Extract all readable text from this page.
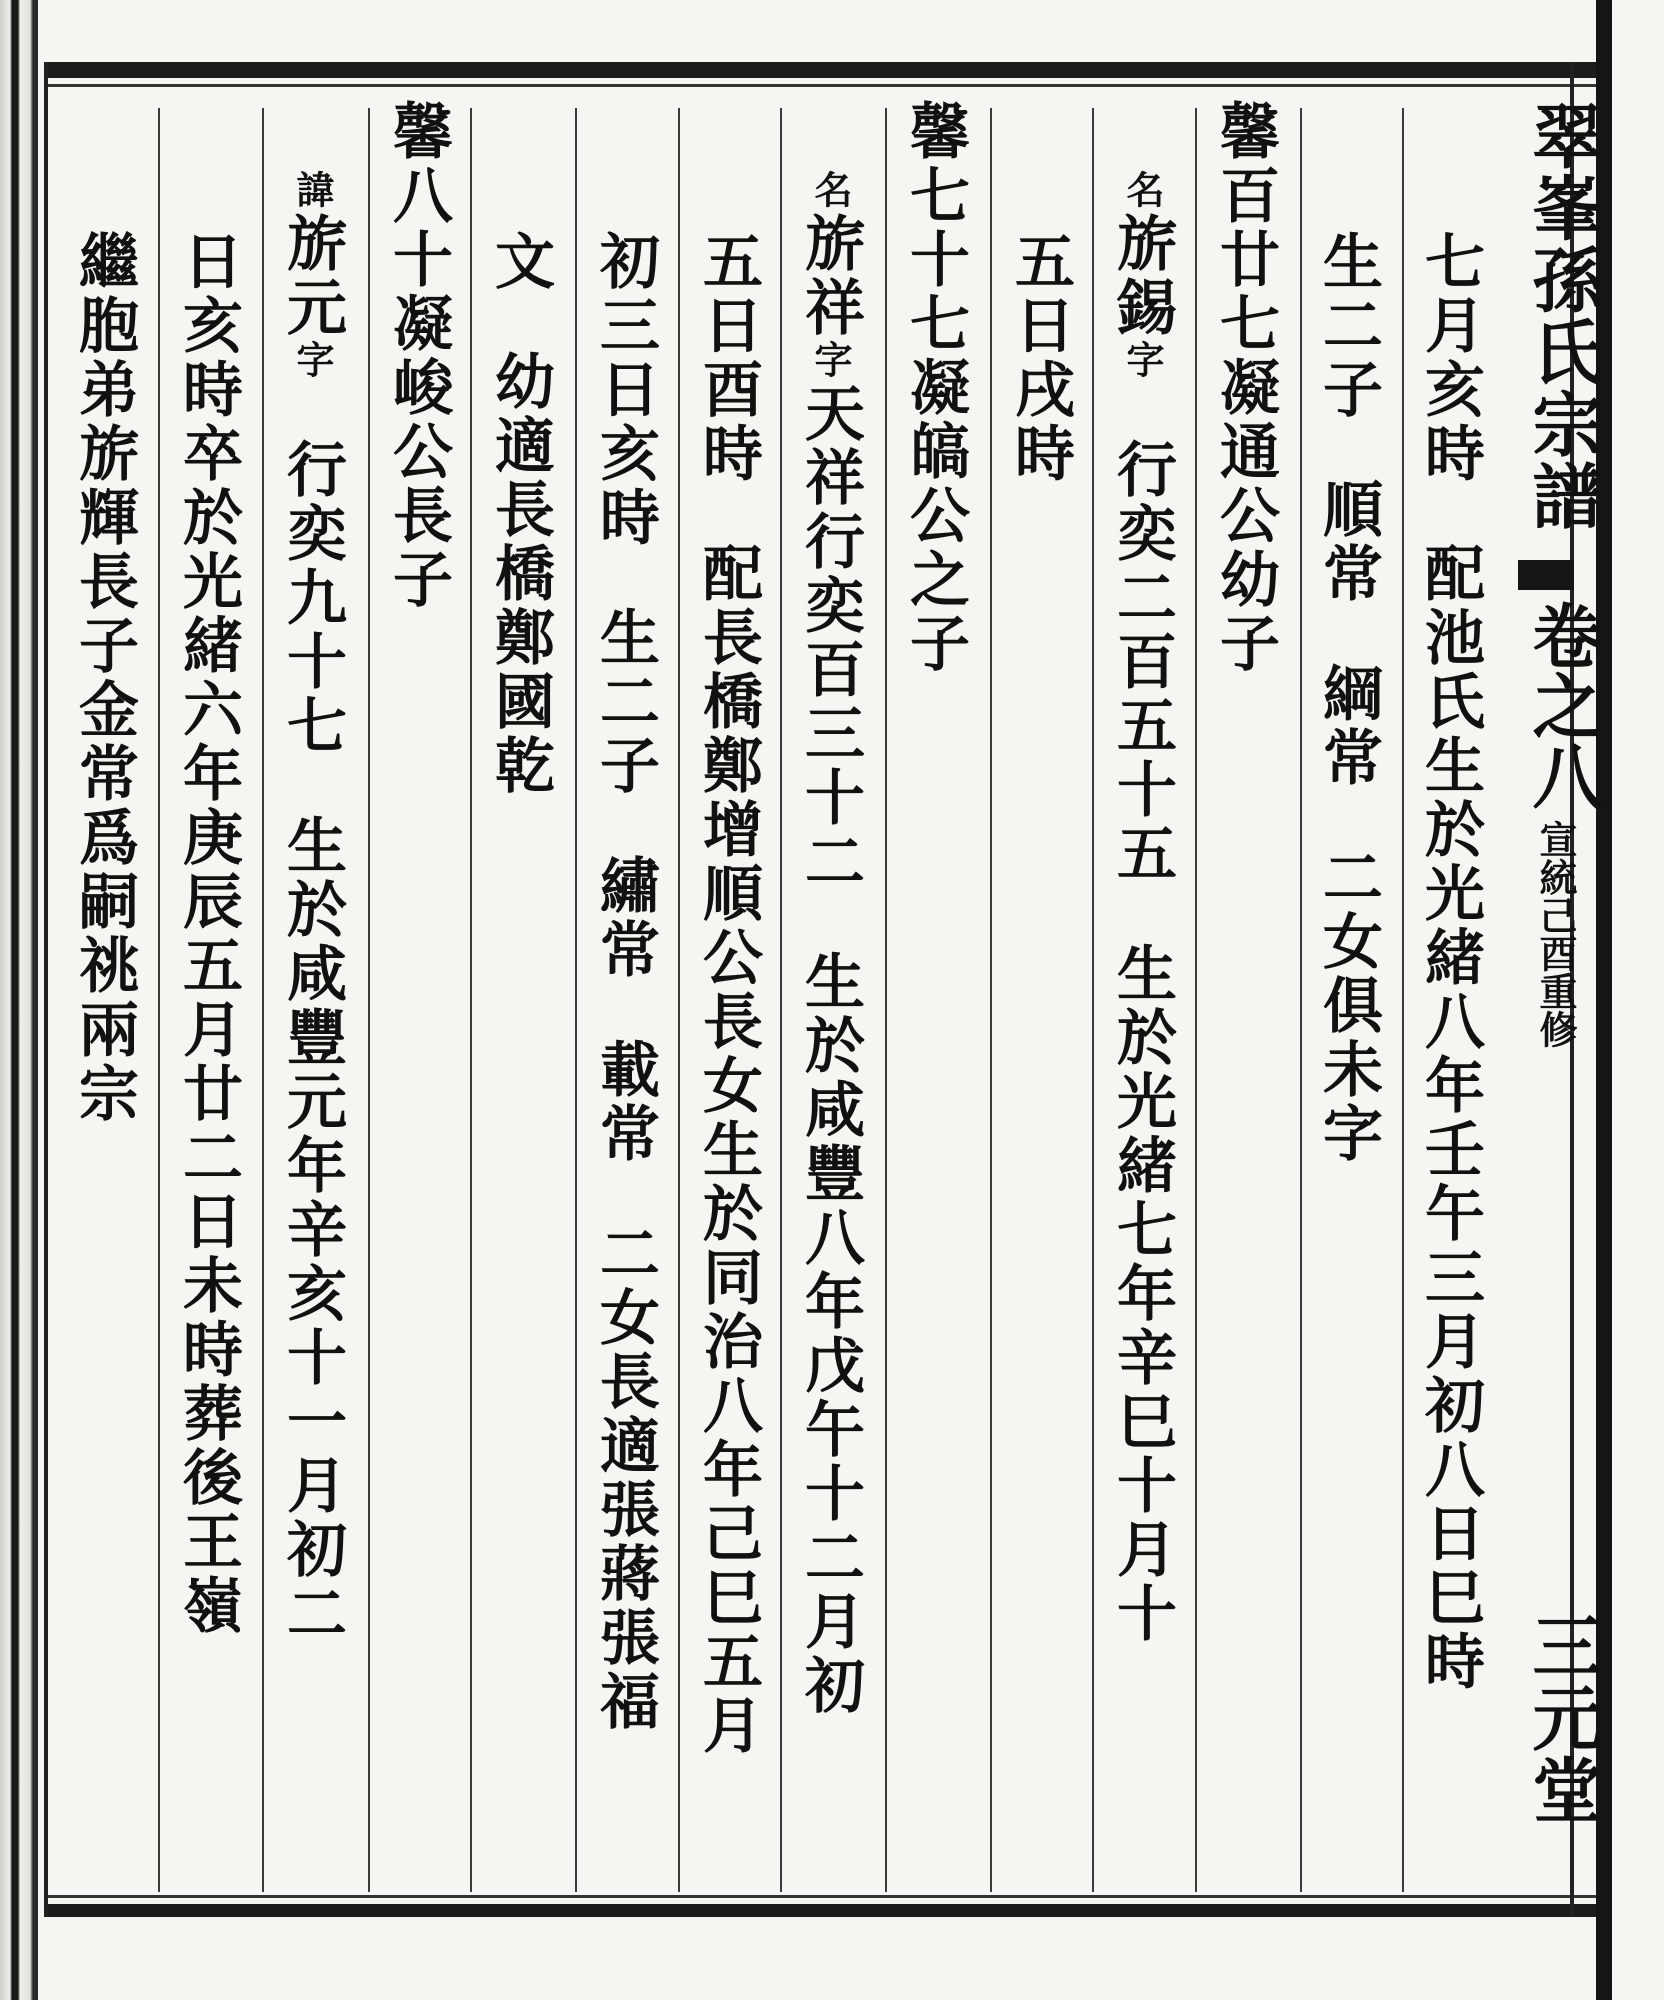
翠峯孫氏宗譜
卷之八
宣統己酉重修
三元堂
七月亥時配池氏生於光緒八年壬午三月初八日巳時
生二子順常綱常二女俱未字
馨百廿七凝通公幼子
名旂錫字行奕二百五十五生於光緒七年辛巳十月十
五日戌時
馨七十七凝皜公之子
名旂祥字天祥行奕百三十二生於咸豐八年戊午十二月初
五日酉時配長橋鄭增順公長女生於同治八年己巳五月
初三日亥時生二子繡常載常二女長適張蔣張福
文幼適長橋鄭國乾
馨八十凝峻公長子
諱旂元字行奕九十七生於咸豐元年辛亥十一月初二
日亥時卒於光緒六年庚辰五月廿二日未時葬後王嶺
繼胞弟旂輝長子金常爲嗣祧兩宗
